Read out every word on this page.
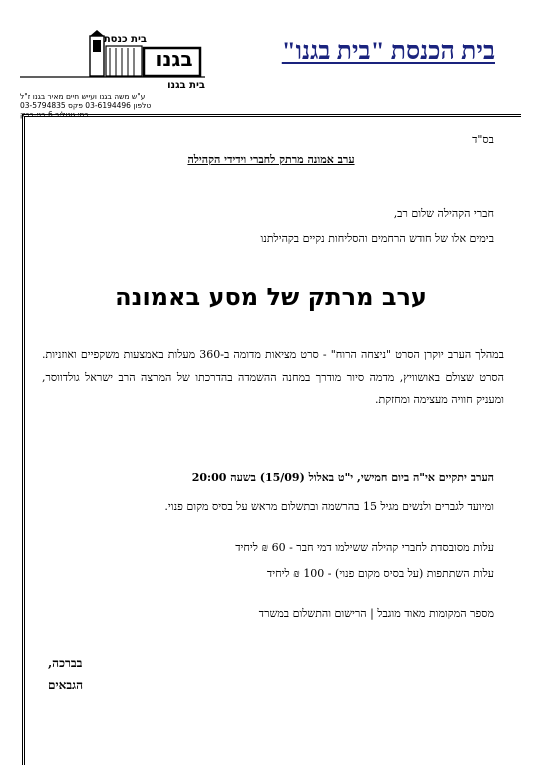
בית הכנסת "בית בגנו"
בית כנסת
בגנו
בית בגנו
ע"ש משה בגנו ועייש חיים מאיר בגנו ז"ל
טלפון 03-6194496 פקס 03-5794835
רחי גוטליב 6 בני-ברק
בס"ד
ערב אמונה מרתק לחברי וידידי הקהילה
חברי הקהילה שלום רב,
בימים אלו של חודש הרחמים והסליחות נקיים בקהילתנו
ערב מרתק של מסע באמונה
במהלך הערב יוקרן הסרט "ניצחה הרוח" - סרט מציאות מדומה ב-360 מעלות באמצעות משקפיים ואוזניות. הסרט שצולם באושוויץ, מדמה סיור מודרך במחנה ההשמדה בהדרכתו של המרצה הרב ישראל גולדווסר, ומעניק חוויה מעצימה ומחזקת.
הערב יתקיים אי"ה ביום חמישי, י"ט באלול (15/09) בשעה 20:00
ומיועד לגברים ולנשים מגיל 15 בהרשמה ובתשלום מראש על בסיס מקום פנוי.
עלות מסובסדת לחברי קהילה ששילמו דמי חבר - 60 ₪ ליחיד
עלות השתתפות (על בסיס מקום פנוי) - 100 ₪ ליחיד
מספר המקומות מאוד מוגבל | הרישום והתשלום במשרד
בברכה,
הגבאים
